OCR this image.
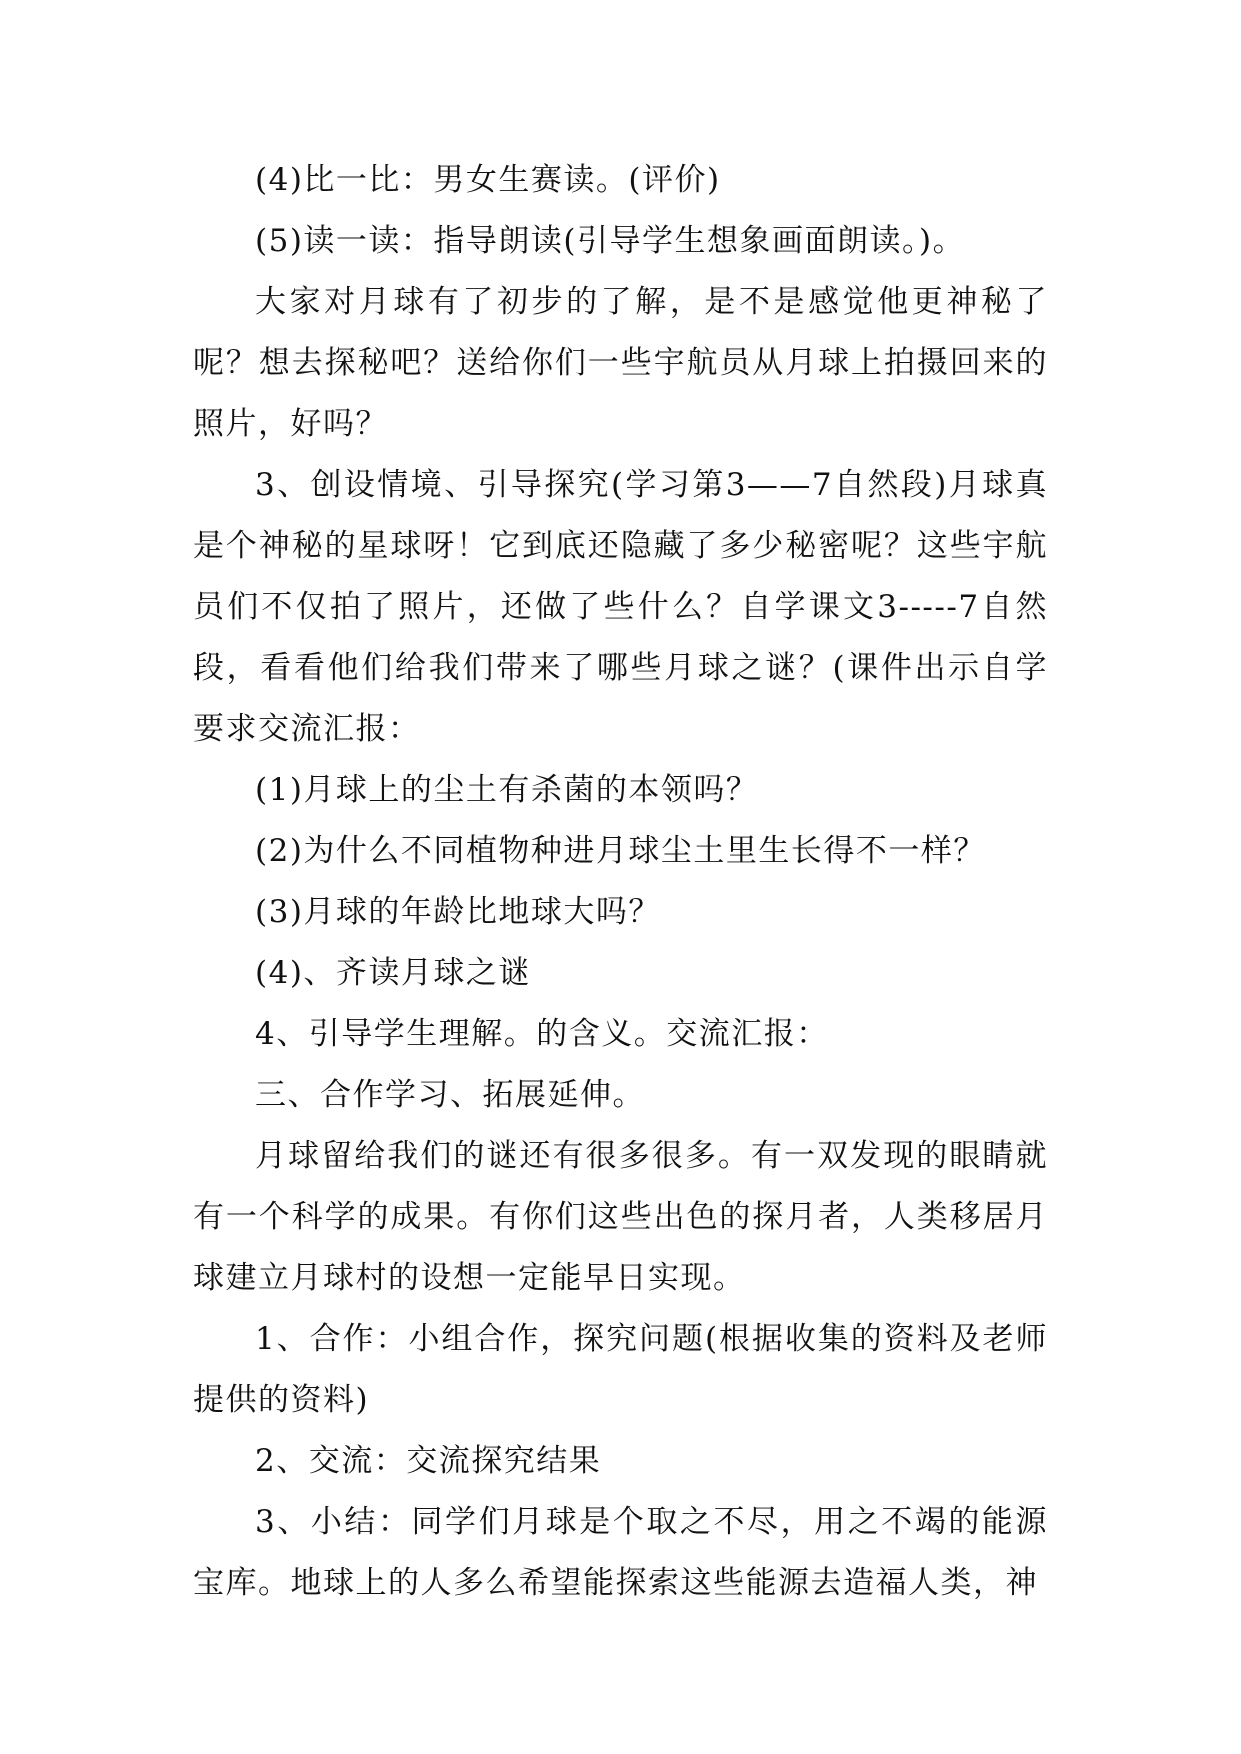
(4)比一比：男女生赛读。(评价)

(5)读一读：指导朗读(引导学生想象画面朗读。)。

大家对月球有了初步的了解，是不是感觉他更神秘了呢？想去探秘吧？送给你们一些宇航员从月球上拍摄回来的照片，好吗？

3、创设情境、引导探究(学习第3——7自然段)月球真是个神秘的星球呀！它到底还隐藏了多少秘密呢？这些宇航员们不仅拍了照片，还做了些什么？自学课文3-----7自然段，看看他们给我们带来了哪些月球之谜？(课件出示自学要求交流汇报：

(1)月球上的尘土有杀菌的本领吗？

(2)为什么不同植物种进月球尘土里生长得不一样？

(3)月球的年龄比地球大吗？

(4)、齐读月球之谜

4、引导学生理解。的含义。交流汇报：

三、合作学习、拓展延伸。

月球留给我们的谜还有很多很多。有一双发现的眼睛就有一个科学的成果。有你们这些出色的探月者，人类移居月球建立月球村的设想一定能早日实现。

1、合作：小组合作，探究问题(根据收集的资料及老师提供的资料)

2、交流：交流探究结果

3、小结：同学们月球是个取之不尽，用之不竭的能源宝库。地球上的人多么希望能探索这些能源去造福人类，神
